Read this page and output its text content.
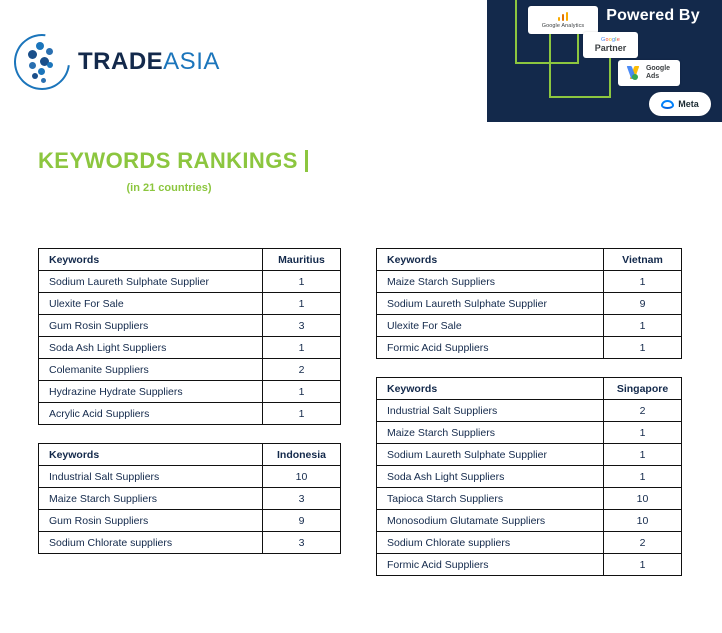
Powered By
Google Analytics
Google
Partner
Google
Ads
Meta
TRADEASIA
KEYWORDS RANKINGS
(in 21 countries)
Keywords	Mauritius
Sodium Laureth Sulphate Supplier	1
Ulexite For Sale	1
Gum Rosin Suppliers	3
Soda Ash Light Suppliers	1
Colemanite Suppliers	2
Hydrazine Hydrate Suppliers	1
Acrylic Acid Suppliers	1
Keywords	Indonesia
Industrial Salt Suppliers	10
Maize Starch Suppliers	3
Gum Rosin Suppliers	9
Sodium Chlorate suppliers	3
Keywords	Vietnam
Maize Starch Suppliers	1
Sodium Laureth Sulphate Supplier	9
Ulexite For Sale	1
Formic Acid Suppliers	1
Keywords	Singapore
Industrial Salt Suppliers	2
Maize Starch Suppliers	1
Sodium Laureth Sulphate Supplier	1
Soda Ash Light Suppliers	1
Tapioca Starch Suppliers	10
Monosodium Glutamate Suppliers	10
Sodium Chlorate suppliers	2
Formic Acid Suppliers	1
